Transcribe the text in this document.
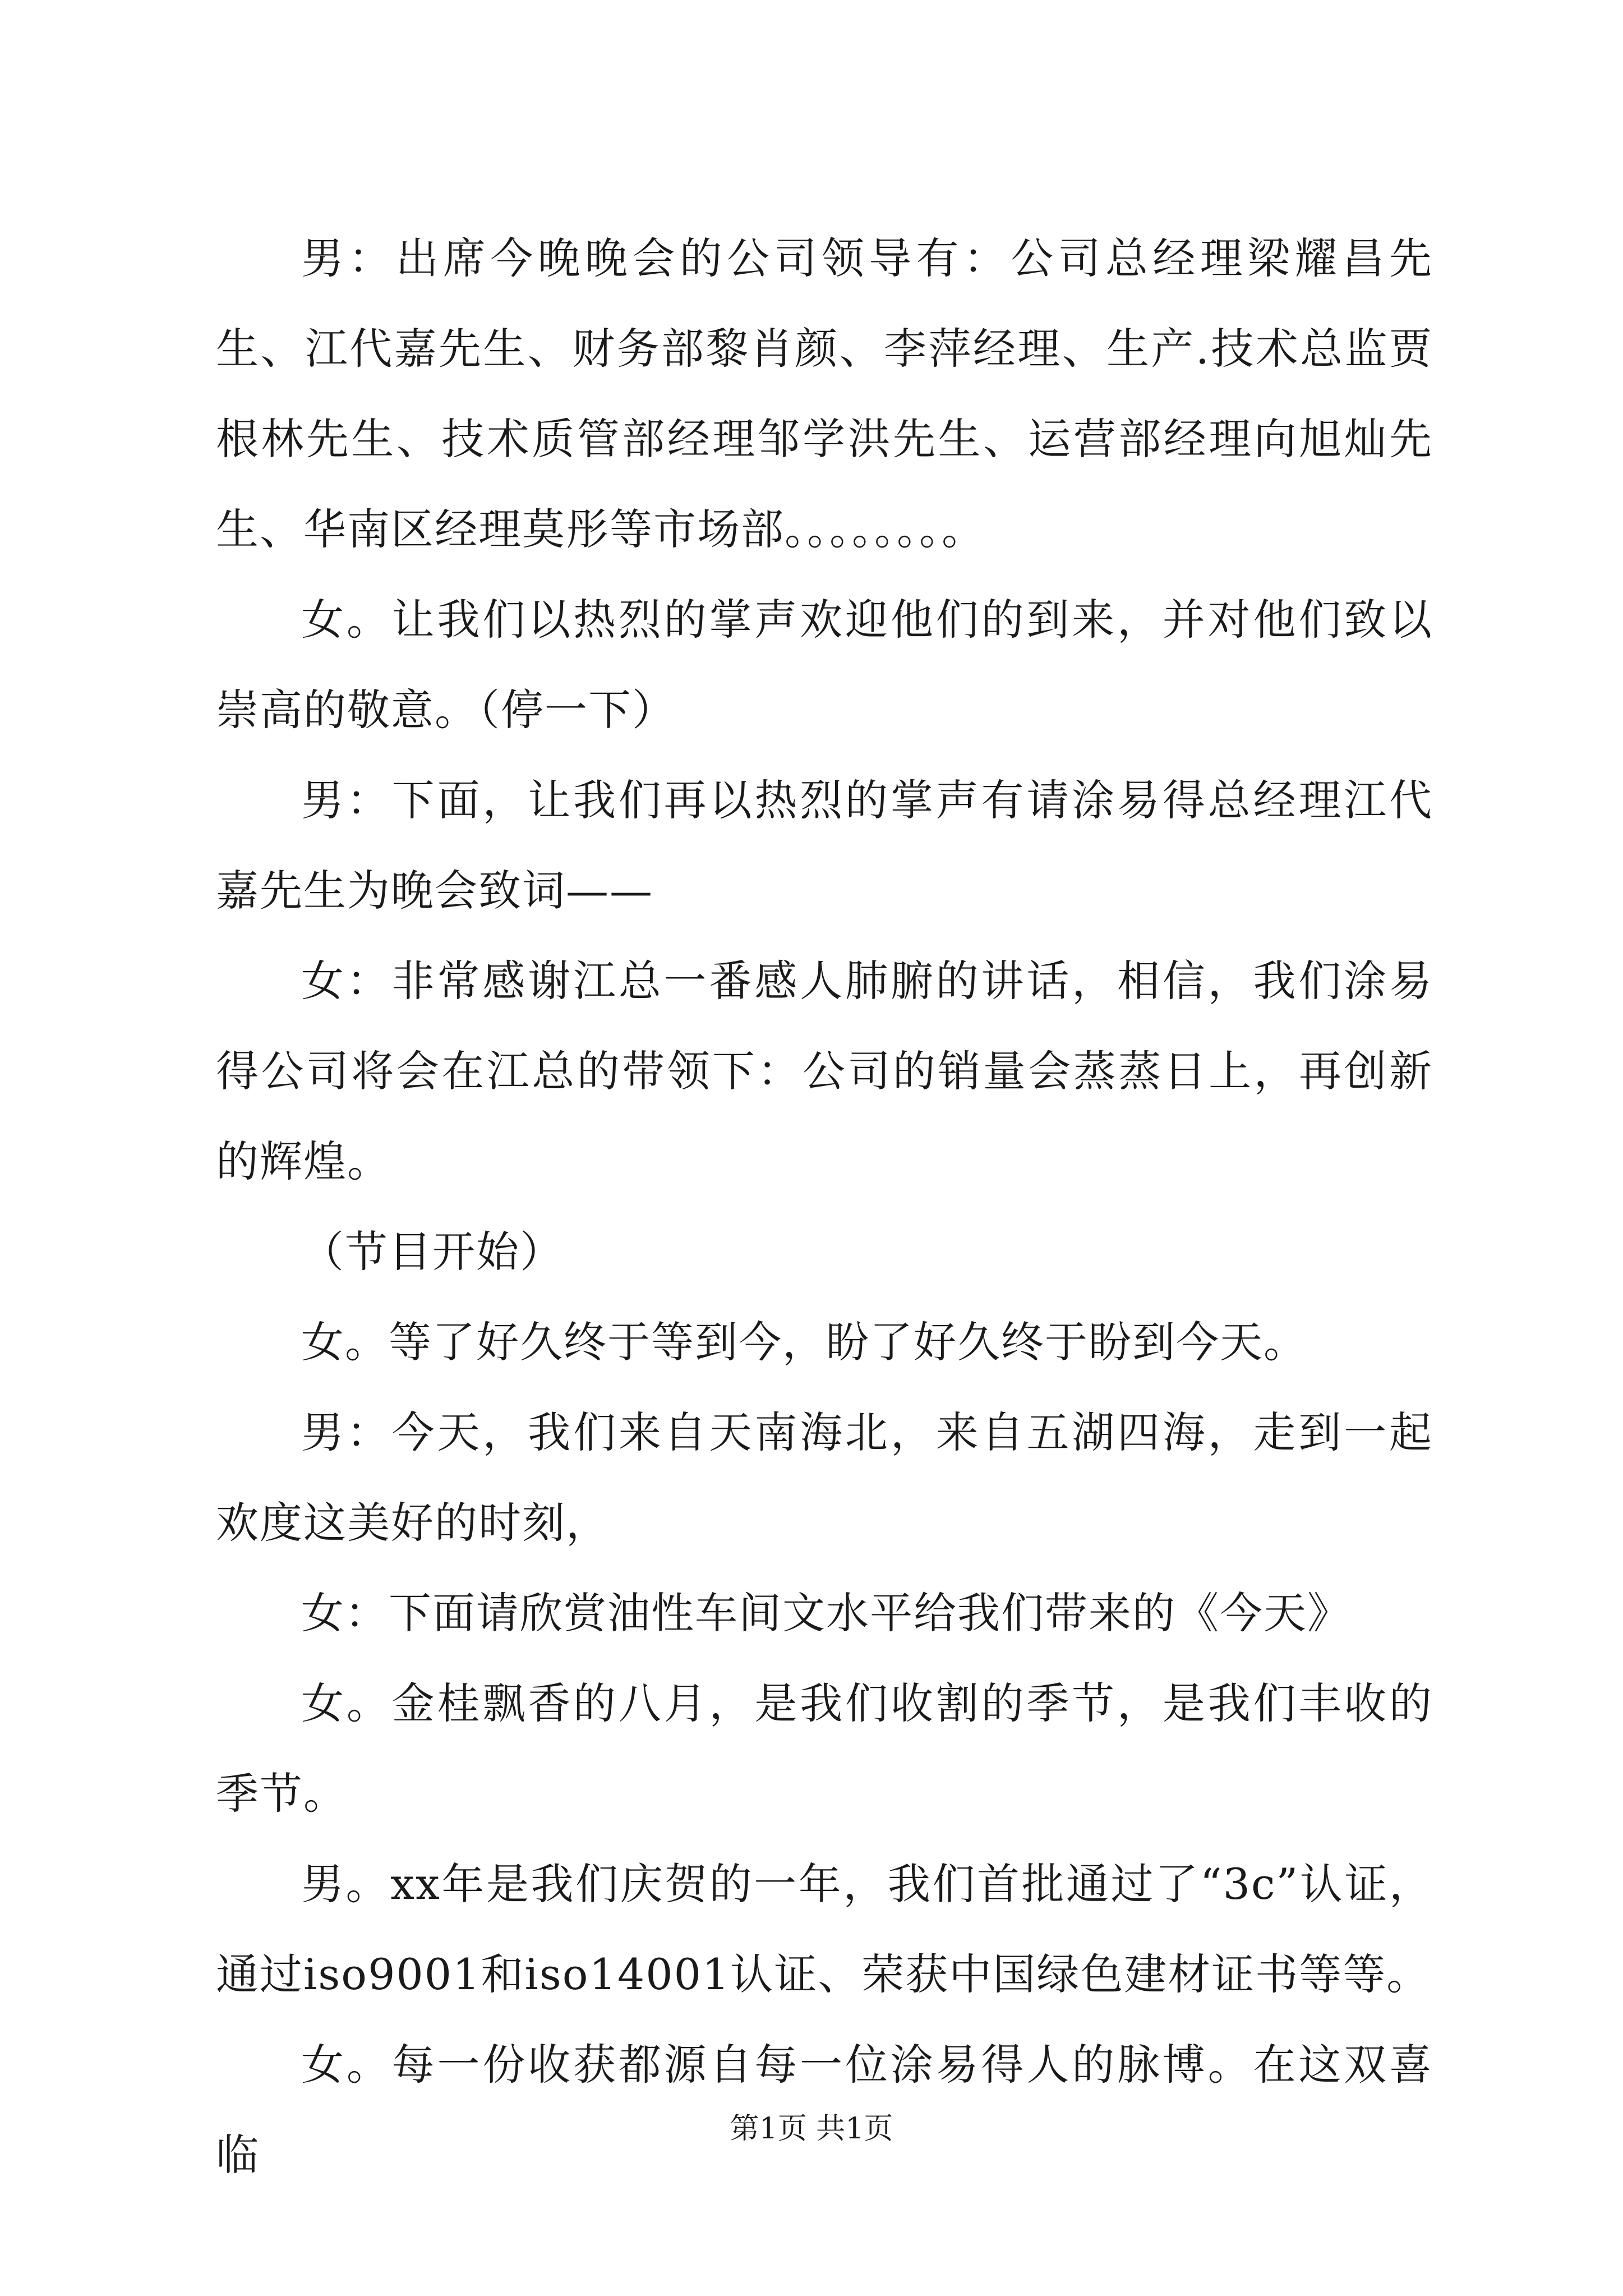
男：出席今晚晚会的公司领导有：公司总经理梁耀昌先生、江代嘉先生、财务部黎肖颜、李萍经理、生产.技术总监贾根林先生、技术质管部经理邹学洪先生、运营部经理向旭灿先生、华南区经理莫彤等市场部。。。。。。。。

女。让我们以热烈的掌声欢迎他们的到来，并对他们致以崇高的敬意。（停一下）

男：下面，让我们再以热烈的掌声有请涂易得总经理江代嘉先生为晚会致词——

女：非常感谢江总一番感人肺腑的讲话，相信，我们涂易得公司将会在江总的带领下：公司的销量会蒸蒸日上，再创新的辉煌。

（节目开始）

女。等了好久终于等到今，盼了好久终于盼到今天。

男：今天，我们来自天南海北，来自五湖四海，走到一起欢度这美好的时刻，

女：下面请欣赏油性车间文水平给我们带来的《今天》

女。金桂飘香的八月，是我们收割的季节，是我们丰收的季节。

男。xx年是我们庆贺的一年，我们首批通过了“3c”认证，通过iso9001和iso14001认证、荣获中国绿色建材证书等等。

女。每一份收获都源自每一位涂易得人的脉博。在这双喜临

第1页 共1页
